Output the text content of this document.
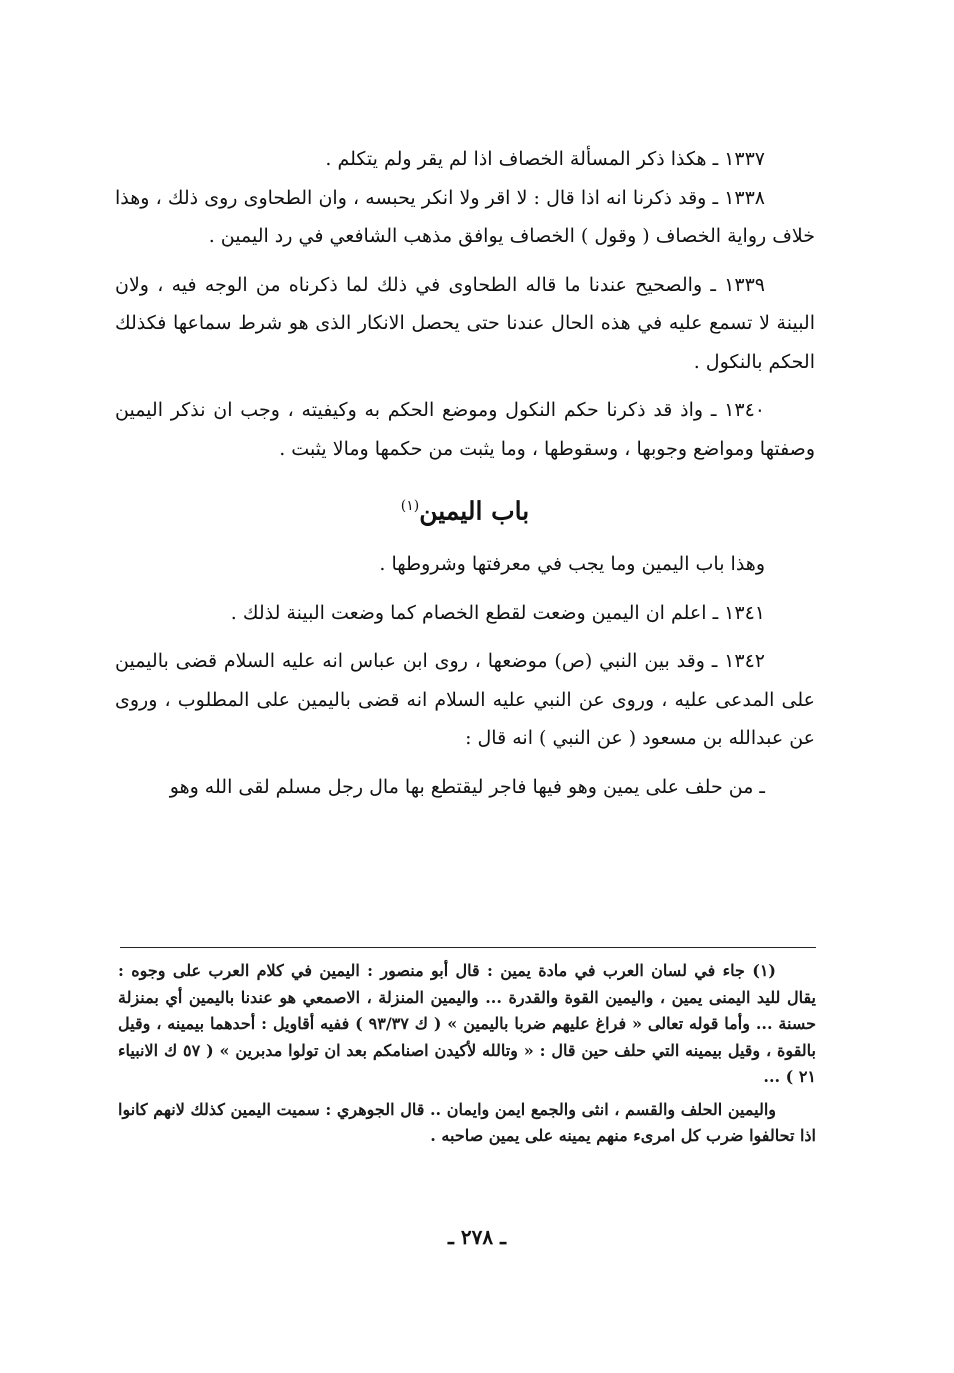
١٣٣٧ ـ هكذا ذكر المسألة الخصاف اذا لم يقر ولم يتكلم .

١٣٣٨ ـ وقد ذكرنا انه اذا قال : لا اقر ولا انكر يحبسه ، وان الطحاوى روى ذلك ، وهذا خلاف رواية الخصاف ( وقول ) الخصاف يوافق مذهب الشافعي في رد اليمين .

١٣٣٩ ـ والصحيح عندنا ما قاله الطحاوى في ذلك لما ذكرناه من الوجه فيه ، ولان البينة لا تسمع عليه في هذه الحال عندنا حتى يحصل الانكار الذى هو شرط سماعها فكذلك الحكم بالنكول .

١٣٤٠ ـ واذ قد ذكرنا حكم النكول وموضع الحكم به وكيفيته ، وجب ان نذكر اليمين وصفتها ومواضع وجوبها ، وسقوطها ، وما يثبت من حكمها ومالا يثبت .

باب اليمين$^{(١)}$

وهذا باب اليمين وما يجب في معرفتها وشروطها .

١٣٤١ ـ اعلم ان اليمين وضعت لقطع الخصام كما وضعت البينة لذلك .

١٣٤٢ ـ وقد بين النبي (ص) موضعها ، روى ابن عباس انه عليه السلام قضى باليمين على المدعى عليه ، وروى عن النبي عليه السلام انه قضى باليمين على المطلوب ، وروى عن عبدالله بن مسعود ( عن النبي ) انه قال :

ـ من حلف على يمين وهو فيها فاجر ليقتطع بها مال رجل مسلم لقى الله وهو

(١) جاء في لسان العرب في مادة يمين : قال أبو منصور : اليمين في كلام العرب على وجوه : يقال لليد اليمنى يمين ، واليمين القوة والقدرة ... واليمين المنزلة ، الاصمعي هو عندنا باليمين أي بمنزلة حسنة ... وأما قوله تعالى « فراغ عليهم ضربا باليمين » ( ك ٩٣/٣٧ ) ففيه أقاويل : أحدهما بيمينه ، وقيل بالقوة ، وقيل بيمينه التي حلف حين قال : « وتالله لأكيدن اصنامكم بعد ان تولوا مدبرين » ( ٥٧ ك الانبياء ٢١ ) ...

واليمين الحلف والقسم ، انثى والجمع ايمن وايمان .. قال الجوهري : سميت اليمين كذلك لانهم كانوا اذا تحالفوا ضرب كل امرىء منهم يمينه على يمين صاحبه .

ـ ٢٧٨ ـ
